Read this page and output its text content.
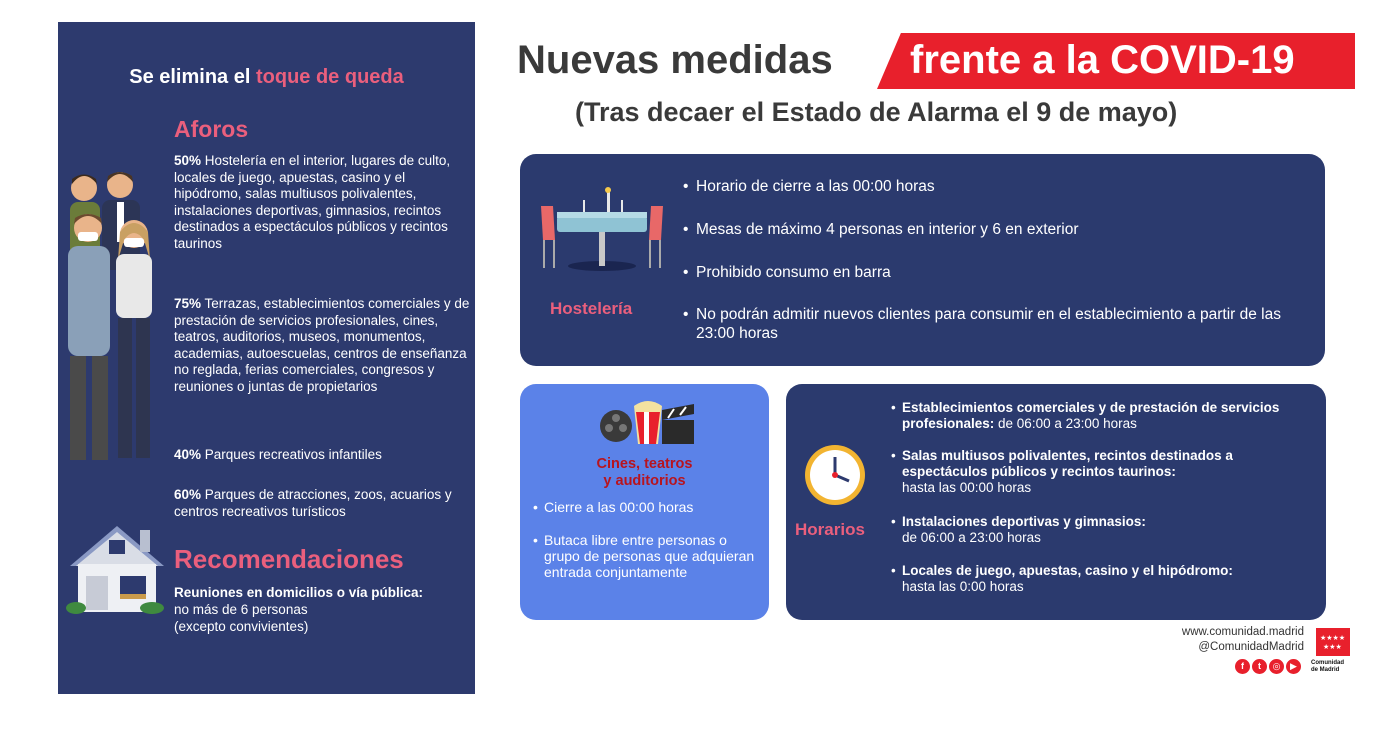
Se elimina el toque de queda
Aforos
50% Hostelería en el interior, lugares de culto, locales de juego, apuestas, casino y el hipódromo, salas multiusos polivalentes, instalaciones deportivas, gimnasios, recintos destinados a espectáculos públicos y recintos taurinos
75% Terrazas, establecimientos comerciales y de prestación de servicios profesionales, cines, teatros, auditorios, museos, monumentos, academias, autoescuelas, centros de enseñanza no reglada, ferias comerciales, congresos y reuniones o juntas de propietarios
40% Parques recreativos infantiles
60% Parques de atracciones, zoos, acuarios y centros recreativos turísticos
Recomendaciones
Reuniones en domicilios o vía pública:
no más de 6 personas
(excepto convivientes)
Nuevas medidas frente a la COVID-19
(Tras decaer el Estado de Alarma el 9 de mayo)
Hostelería
• Horario de cierre a las 00:00 horas
• Mesas de máximo 4 personas en interior y 6 en exterior
• Prohibido consumo en barra
• No podrán admitir nuevos clientes para consumir en el establecimiento a partir de las 23:00 horas
Cines, teatros
y auditorios
• Cierre a las 00:00 horas
• Butaca libre entre personas o grupo de personas que adquieran entrada conjuntamente
Horarios
• Establecimientos comerciales y de prestación de servicios profesionales: de 06:00 a 23:00 horas
• Salas multiusos polivalentes, recintos destinados a espectáculos públicos y recintos taurinos:
hasta las 00:00 horas
• Instalaciones deportivas y gimnasios:
de 06:00 a 23:00 horas
• Locales de juego, apuestas, casino y el hipódromo:
hasta las 0:00 horas
www.comunidad.madrid
@ComunidadMadrid
f	t	◎	▶
★★★★
★★★
Comunidad
de Madrid
